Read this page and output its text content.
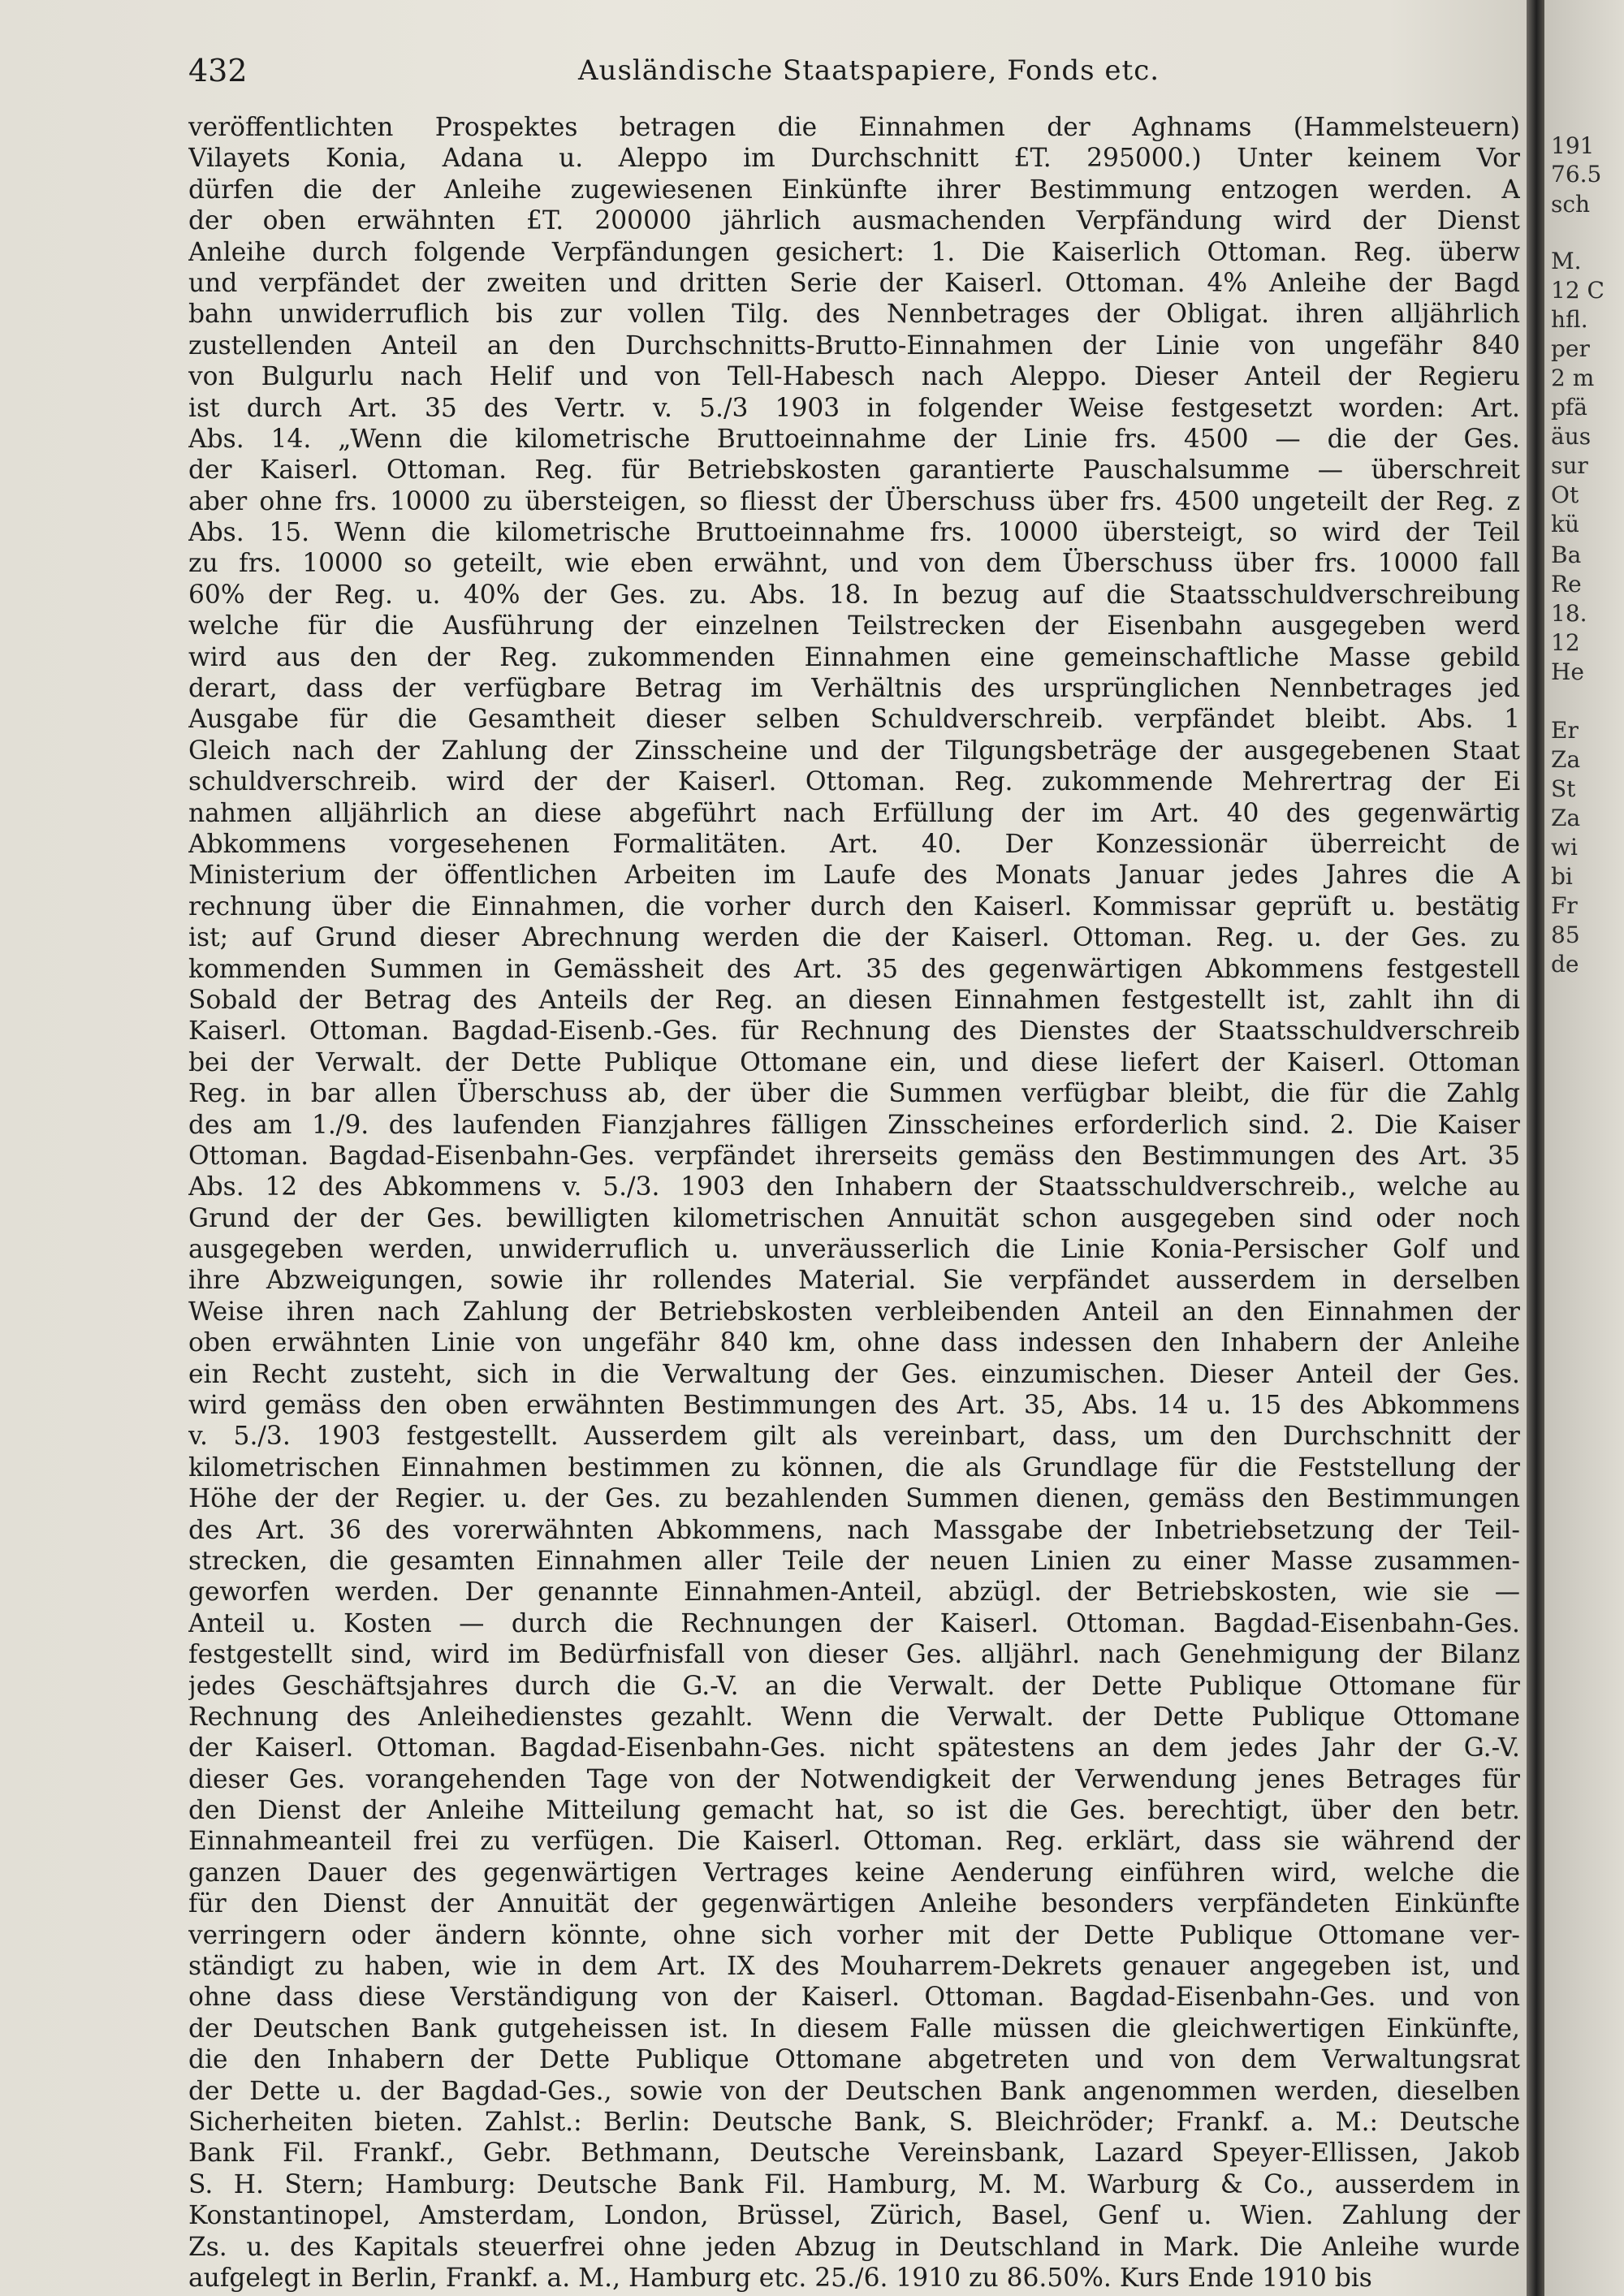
432	Ausländische Staatspapiere, Fonds etc.
veröffentlichten Prospektes betragen die Einnahmen der Aghnams (Hammelsteuern)
Vilayets Konia, Adana u. Aleppo im Durchschnitt £T. 295000.) Unter keinem Vor
dürfen die der Anleihe zugewiesenen Einkünfte ihrer Bestimmung entzogen werden. A
der oben erwähnten £T. 200000 jährlich ausmachenden Verpfändung wird der Dienst
Anleihe durch folgende Verpfändungen gesichert: 1. Die Kaiserlich Ottoman. Reg. überw
und verpfändet der zweiten und dritten Serie der Kaiserl. Ottoman. 4% Anleihe der Bagd
bahn unwiderruflich bis zur vollen Tilg. des Nennbetrages der Obligat. ihren alljährlich
zustellenden Anteil an den Durchschnitts-Brutto-Einnahmen der Linie von ungefähr 840
von Bulgurlu nach Helif und von Tell-Habesch nach Aleppo. Dieser Anteil der Regieru
ist durch Art. 35 des Vertr. v. 5./3 1903 in folgender Weise festgesetzt worden: Art.
Abs. 14. „Wenn die kilometrische Bruttoeinnahme der Linie frs. 4500 — die der Ges.
der Kaiserl. Ottoman. Reg. für Betriebskosten garantierte Pauschalsumme — überschreit
aber ohne frs. 10000 zu übersteigen, so fliesst der Überschuss über frs. 4500 ungeteilt der Reg. z
Abs. 15. Wenn die kilometrische Bruttoeinnahme frs. 10000 übersteigt, so wird der Teil
zu frs. 10000 so geteilt, wie eben erwähnt, und von dem Überschuss über frs. 10000 fall
60% der Reg. u. 40% der Ges. zu. Abs. 18. In bezug auf die Staatsschuldverschreibung
welche für die Ausführung der einzelnen Teilstrecken der Eisenbahn ausgegeben werd
wird aus den der Reg. zukommenden Einnahmen eine gemeinschaftliche Masse gebild
derart, dass der verfügbare Betrag im Verhältnis des ursprünglichen Nennbetrages jed
Ausgabe für die Gesamtheit dieser selben Schuldverschreib. verpfändet bleibt. Abs. 1
Gleich nach der Zahlung der Zinsscheine und der Tilgungsbeträge der ausgegebenen Staat
schuldverschreib. wird der der Kaiserl. Ottoman. Reg. zukommende Mehrertrag der Ei
nahmen alljährlich an diese abgeführt nach Erfüllung der im Art. 40 des gegenwärtig
Abkommens vorgesehenen Formalitäten. Art. 40. Der Konzessionär überreicht de
Ministerium der öffentlichen Arbeiten im Laufe des Monats Januar jedes Jahres die A
rechnung über die Einnahmen, die vorher durch den Kaiserl. Kommissar geprüft u. bestätig
ist; auf Grund dieser Abrechnung werden die der Kaiserl. Ottoman. Reg. u. der Ges. zu
kommenden Summen in Gemässheit des Art. 35 des gegenwärtigen Abkommens festgestell
Sobald der Betrag des Anteils der Reg. an diesen Einnahmen festgestellt ist, zahlt ihn di
Kaiserl. Ottoman. Bagdad-Eisenb.-Ges. für Rechnung des Dienstes der Staatsschuldverschreib
bei der Verwalt. der Dette Publique Ottomane ein, und diese liefert der Kaiserl. Ottoman
Reg. in bar allen Überschuss ab, der über die Summen verfügbar bleibt, die für die Zahlg
des am 1./9. des laufenden Fianzjahres fälligen Zinsscheines erforderlich sind. 2. Die Kaiser
Ottoman. Bagdad-Eisenbahn-Ges. verpfändet ihrerseits gemäss den Bestimmungen des Art. 35
Abs. 12 des Abkommens v. 5./3. 1903 den Inhabern der Staatsschuldverschreib., welche au
Grund der der Ges. bewilligten kilometrischen Annuität schon ausgegeben sind oder noch
ausgegeben werden, unwiderruflich u. unveräusserlich die Linie Konia-Persischer Golf und
ihre Abzweigungen, sowie ihr rollendes Material. Sie verpfändet ausserdem in derselben
Weise ihren nach Zahlung der Betriebskosten verbleibenden Anteil an den Einnahmen der
oben erwähnten Linie von ungefähr 840 km, ohne dass indessen den Inhabern der Anleihe
ein Recht zusteht, sich in die Verwaltung der Ges. einzumischen. Dieser Anteil der Ges.
wird gemäss den oben erwähnten Bestimmungen des Art. 35, Abs. 14 u. 15 des Abkommens
v. 5./3. 1903 festgestellt. Ausserdem gilt als vereinbart, dass, um den Durchschnitt der
kilometrischen Einnahmen bestimmen zu können, die als Grundlage für die Feststellung der
Höhe der der Regier. u. der Ges. zu bezahlenden Summen dienen, gemäss den Bestimmungen
des Art. 36 des vorerwähnten Abkommens, nach Massgabe der Inbetriebsetzung der Teil-
strecken, die gesamten Einnahmen aller Teile der neuen Linien zu einer Masse zusammen-
geworfen werden. Der genannte Einnahmen-Anteil, abzügl. der Betriebskosten, wie sie —
Anteil u. Kosten — durch die Rechnungen der Kaiserl. Ottoman. Bagdad-Eisenbahn-Ges.
festgestellt sind, wird im Bedürfnisfall von dieser Ges. alljährl. nach Genehmigung der Bilanz
jedes Geschäftsjahres durch die G.-V. an die Verwalt. der Dette Publique Ottomane für
Rechnung des Anleihedienstes gezahlt. Wenn die Verwalt. der Dette Publique Ottomane
der Kaiserl. Ottoman. Bagdad-Eisenbahn-Ges. nicht spätestens an dem jedes Jahr der G.-V.
dieser Ges. vorangehenden Tage von der Notwendigkeit der Verwendung jenes Betrages für
den Dienst der Anleihe Mitteilung gemacht hat, so ist die Ges. berechtigt, über den betr.
Einnahmeanteil frei zu verfügen. Die Kaiserl. Ottoman. Reg. erklärt, dass sie während der
ganzen Dauer des gegenwärtigen Vertrages keine Aenderung einführen wird, welche die
für den Dienst der Annuität der gegenwärtigen Anleihe besonders verpfändeten Einkünfte
verringern oder ändern könnte, ohne sich vorher mit der Dette Publique Ottomane ver-
ständigt zu haben, wie in dem Art. IX des Mouharrem-Dekrets genauer angegeben ist, und
ohne dass diese Verständigung von der Kaiserl. Ottoman. Bagdad-Eisenbahn-Ges. und von
der Deutschen Bank gutgeheissen ist. In diesem Falle müssen die gleichwertigen Einkünfte,
die den Inhabern der Dette Publique Ottomane abgetreten und von dem Verwaltungsrat
der Dette u. der Bagdad-Ges., sowie von der Deutschen Bank angenommen werden, dieselben
Sicherheiten bieten. Zahlst.: Berlin: Deutsche Bank, S. Bleichröder; Frankf. a. M.: Deutsche
Bank Fil. Frankf., Gebr. Bethmann, Deutsche Vereinsbank, Lazard Speyer-Ellissen, Jakob
S. H. Stern; Hamburg: Deutsche Bank Fil. Hamburg, M. M. Warburg & Co., ausserdem in
Konstantinopel, Amsterdam, London, Brüssel, Zürich, Basel, Genf u. Wien. Zahlung der
Zs. u. des Kapitals steuerfrei ohne jeden Abzug in Deutschland in Mark. Die Anleihe wurde
aufgelegt in Berlin, Frankf. a. M., Hamburg etc. 25./6. 1910 zu 86.50%. Kurs Ende 1910 bis
191
76.5
sch
M.
12 C
hfl.
per
2 m
pfä
äus
sur
Ot
kü
Ba
Re
18.
12
He
Er
Za
St
Za
wi
bi
Fr
85
de
